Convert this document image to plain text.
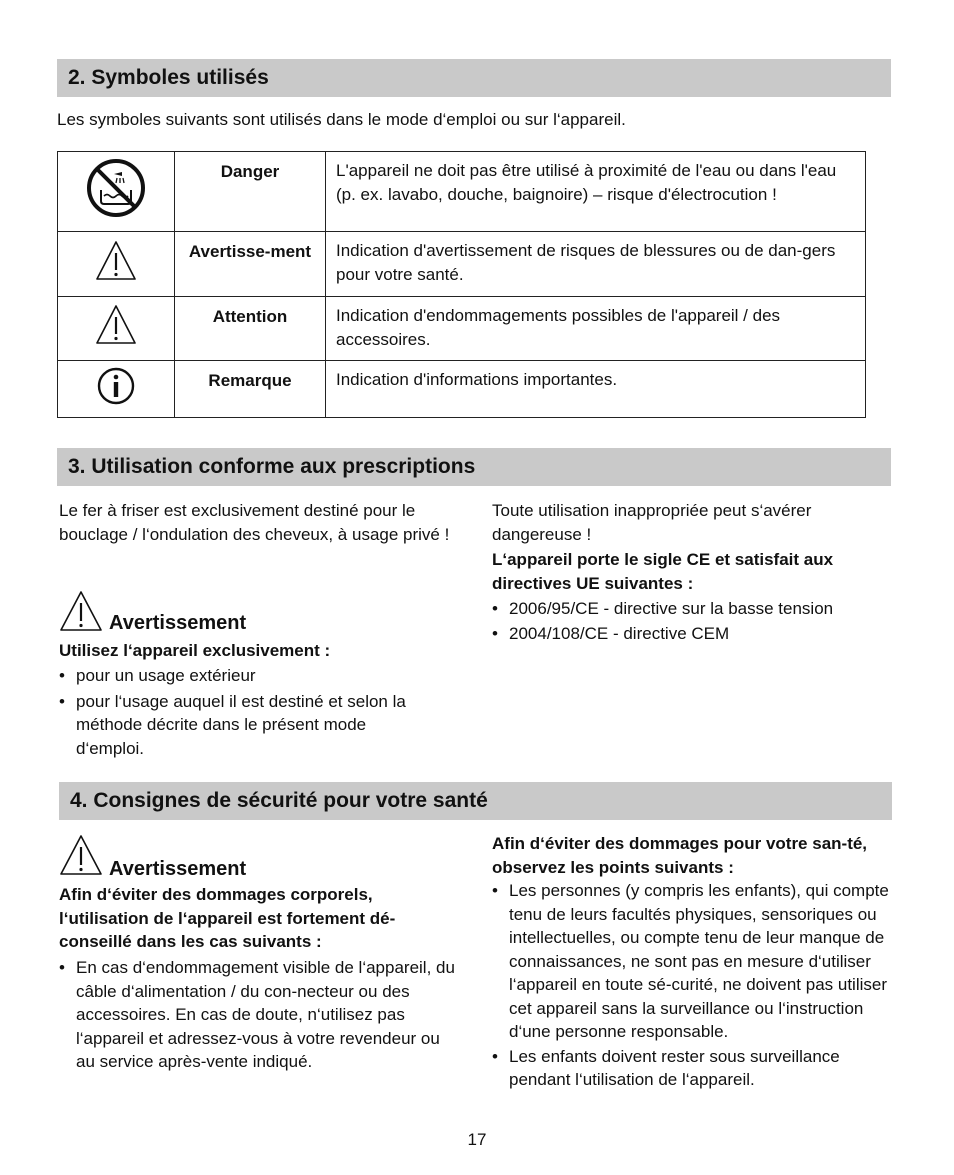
2. Symboles utilisés
Les symboles suivants sont utilisés dans le mode d‘emploi ou sur l‘appareil.
	Danger	L'appareil ne doit pas être utilisé à proximité de l'eau ou dans l'eau (p. ex. lavabo, douche, baignoire) – risque d'électrocution !
	Avertisse-ment	Indication d'avertissement de risques de blessures ou de dan-gers pour votre santé.
	Attention	Indication d'endommagements possibles de l'appareil / des accessoires.
	Remarque	Indication d'informations importantes.
3. Utilisation conforme aux prescriptions
Le fer à friser est exclusivement destiné pour le bouclage / l‘ondulation des cheveux, à usage privé !
Avertissement
Utilisez l‘appareil exclusivement :
• pour un usage extérieur
• pour l‘usage auquel il est destiné et selon la méthode décrite dans le présent mode d‘emploi.
Toute utilisation inappropriée peut s‘avérer dangereuse !
L‘appareil porte le sigle CE et satisfait aux directives UE suivantes :
• 2006/95/CE - directive sur la basse tension
• 2004/108/CE - directive CEM
4. Consignes de sécurité pour votre santé
Avertissement
Afin d‘éviter des dommages corporels, l‘utilisation de l‘appareil est fortement dé-conseillé dans les cas suivants :
• En cas d‘endommagement visible de l‘appareil, du câble d‘alimentation / du con-necteur ou des accessoires. En cas de doute, n‘utilisez pas l‘appareil et adressez-vous à votre revendeur ou au service après-vente indiqué.
Afin d‘éviter des dommages pour votre san-té, observez les points suivants :
• Les personnes (y compris les enfants), qui compte tenu de leurs facultés physiques, sensoriques ou intellectuelles, ou compte tenu de leur manque de connaissances, ne sont pas en mesure d‘utiliser l‘appareil en toute sé-curité, ne doivent pas utiliser cet appareil sans la surveillance ou l‘instruction d‘une personne responsable.
• Les enfants doivent rester sous surveillance pendant l‘utilisation de l‘appareil.
17
